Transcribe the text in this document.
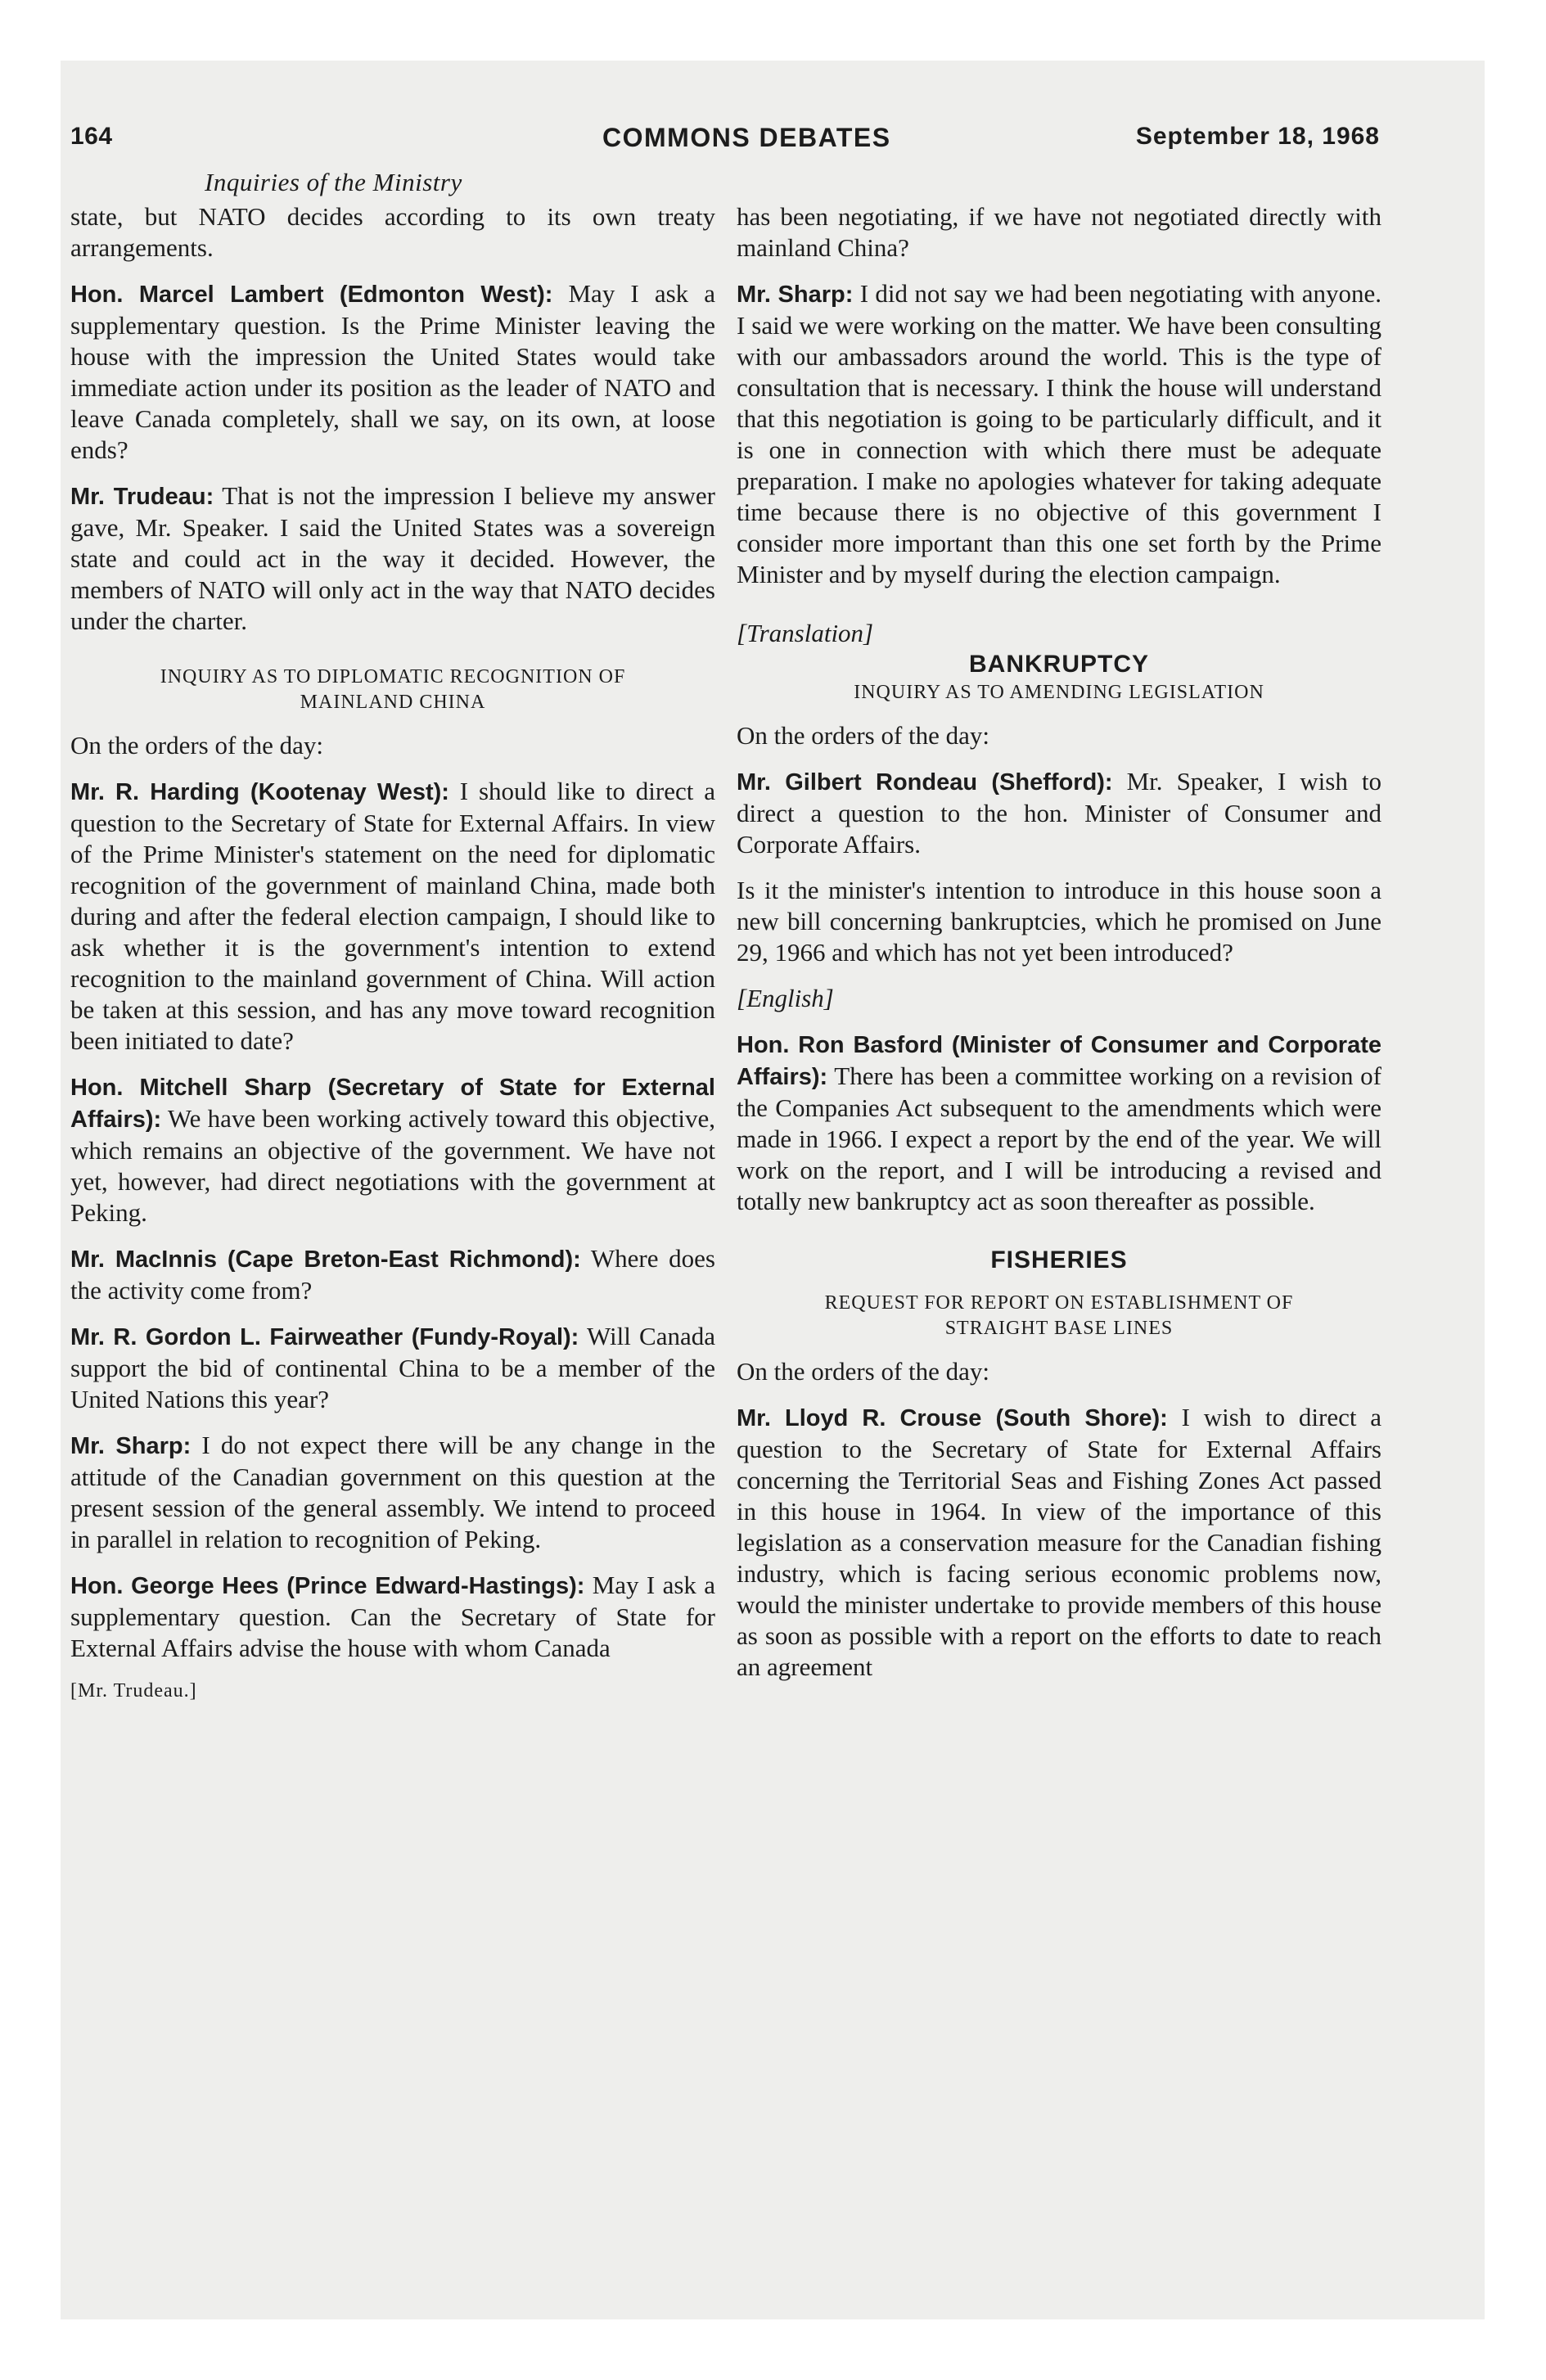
164	COMMONS DEBATES	September 18, 1968
Inquiries of the Ministry

state, but NATO decides according to its own treaty arrangements.

Hon. Marcel Lambert (Edmonton West): May I ask a supplementary question. Is the Prime Minister leaving the house with the impression the United States would take immediate action under its position as the leader of NATO and leave Canada completely, shall we say, on its own, at loose ends?

Mr. Trudeau: That is not the impression I believe my answer gave, Mr. Speaker. I said the United States was a sovereign state and could act in the way it decided. However, the members of NATO will only act in the way that NATO decides under the charter.

INQUIRY AS TO DIPLOMATIC RECOGNITION OF

MAINLAND CHINA

On the orders of the day:

Mr. R. Harding (Kootenay West): I should like to direct a question to the Secretary of State for External Affairs. In view of the Prime Minister's statement on the need for diplomatic recognition of the government of mainland China, made both during and after the federal election campaign, I should like to ask whether it is the government's intention to extend recognition to the mainland government of China. Will action be taken at this session, and has any move toward recognition been initiated to date?

Hon. Mitchell Sharp (Secretary of State for External Affairs): We have been working actively toward this objective, which remains an objective of the government. We have not yet, however, had direct negotiations with the government at Peking.

Mr. MacInnis (Cape Breton-East Richmond): Where does the activity come from?

Mr. R. Gordon L. Fairweather (Fundy-Royal): Will Canada support the bid of continental China to be a member of the United Nations this year?

Mr. Sharp: I do not expect there will be any change in the attitude of the Canadian government on this question at the present session of the general assembly. We intend to proceed in parallel in relation to recognition of Peking.

Hon. George Hees (Prince Edward-Hastings): May I ask a supplementary question. Can the Secretary of State for External Affairs advise the house with whom Canada

[Mr. Trudeau.]

has been negotiating, if we have not negotiated directly with mainland China?

Mr. Sharp: I did not say we had been negotiating with anyone. I said we were working on the matter. We have been consulting with our ambassadors around the world. This is the type of consultation that is necessary. I think the house will understand that this negotiation is going to be particularly difficult, and it is one in connection with which there must be adequate preparation. I make no apologies whatever for taking adequate time because there is no objective of this government I consider more important than this one set forth by the Prime Minister and by myself during the election campaign.

[Translation]

BANKRUPTCY

INQUIRY AS TO AMENDING LEGISLATION

On the orders of the day:

Mr. Gilbert Rondeau (Shefford): Mr. Speaker, I wish to direct a question to the hon. Minister of Consumer and Corporate Affairs.

Is it the minister's intention to introduce in this house soon a new bill concerning bankruptcies, which he promised on June 29, 1966 and which has not yet been introduced?

[English]

Hon. Ron Basford (Minister of Consumer and Corporate Affairs): There has been a committee working on a revision of the Companies Act subsequent to the amendments which were made in 1966. I expect a report by the end of the year. We will work on the report, and I will be introducing a revised and totally new bankruptcy act as soon thereafter as possible.

FISHERIES

REQUEST FOR REPORT ON ESTABLISHMENT OF

STRAIGHT BASE LINES

On the orders of the day:

Mr. Lloyd R. Crouse (South Shore): I wish to direct a question to the Secretary of State for External Affairs concerning the Territorial Seas and Fishing Zones Act passed in this house in 1964. In view of the importance of this legislation as a conservation measure for the Canadian fishing industry, which is facing serious economic problems now, would the minister undertake to provide members of this house as soon as possible with a report on the efforts to date to reach an agreement
